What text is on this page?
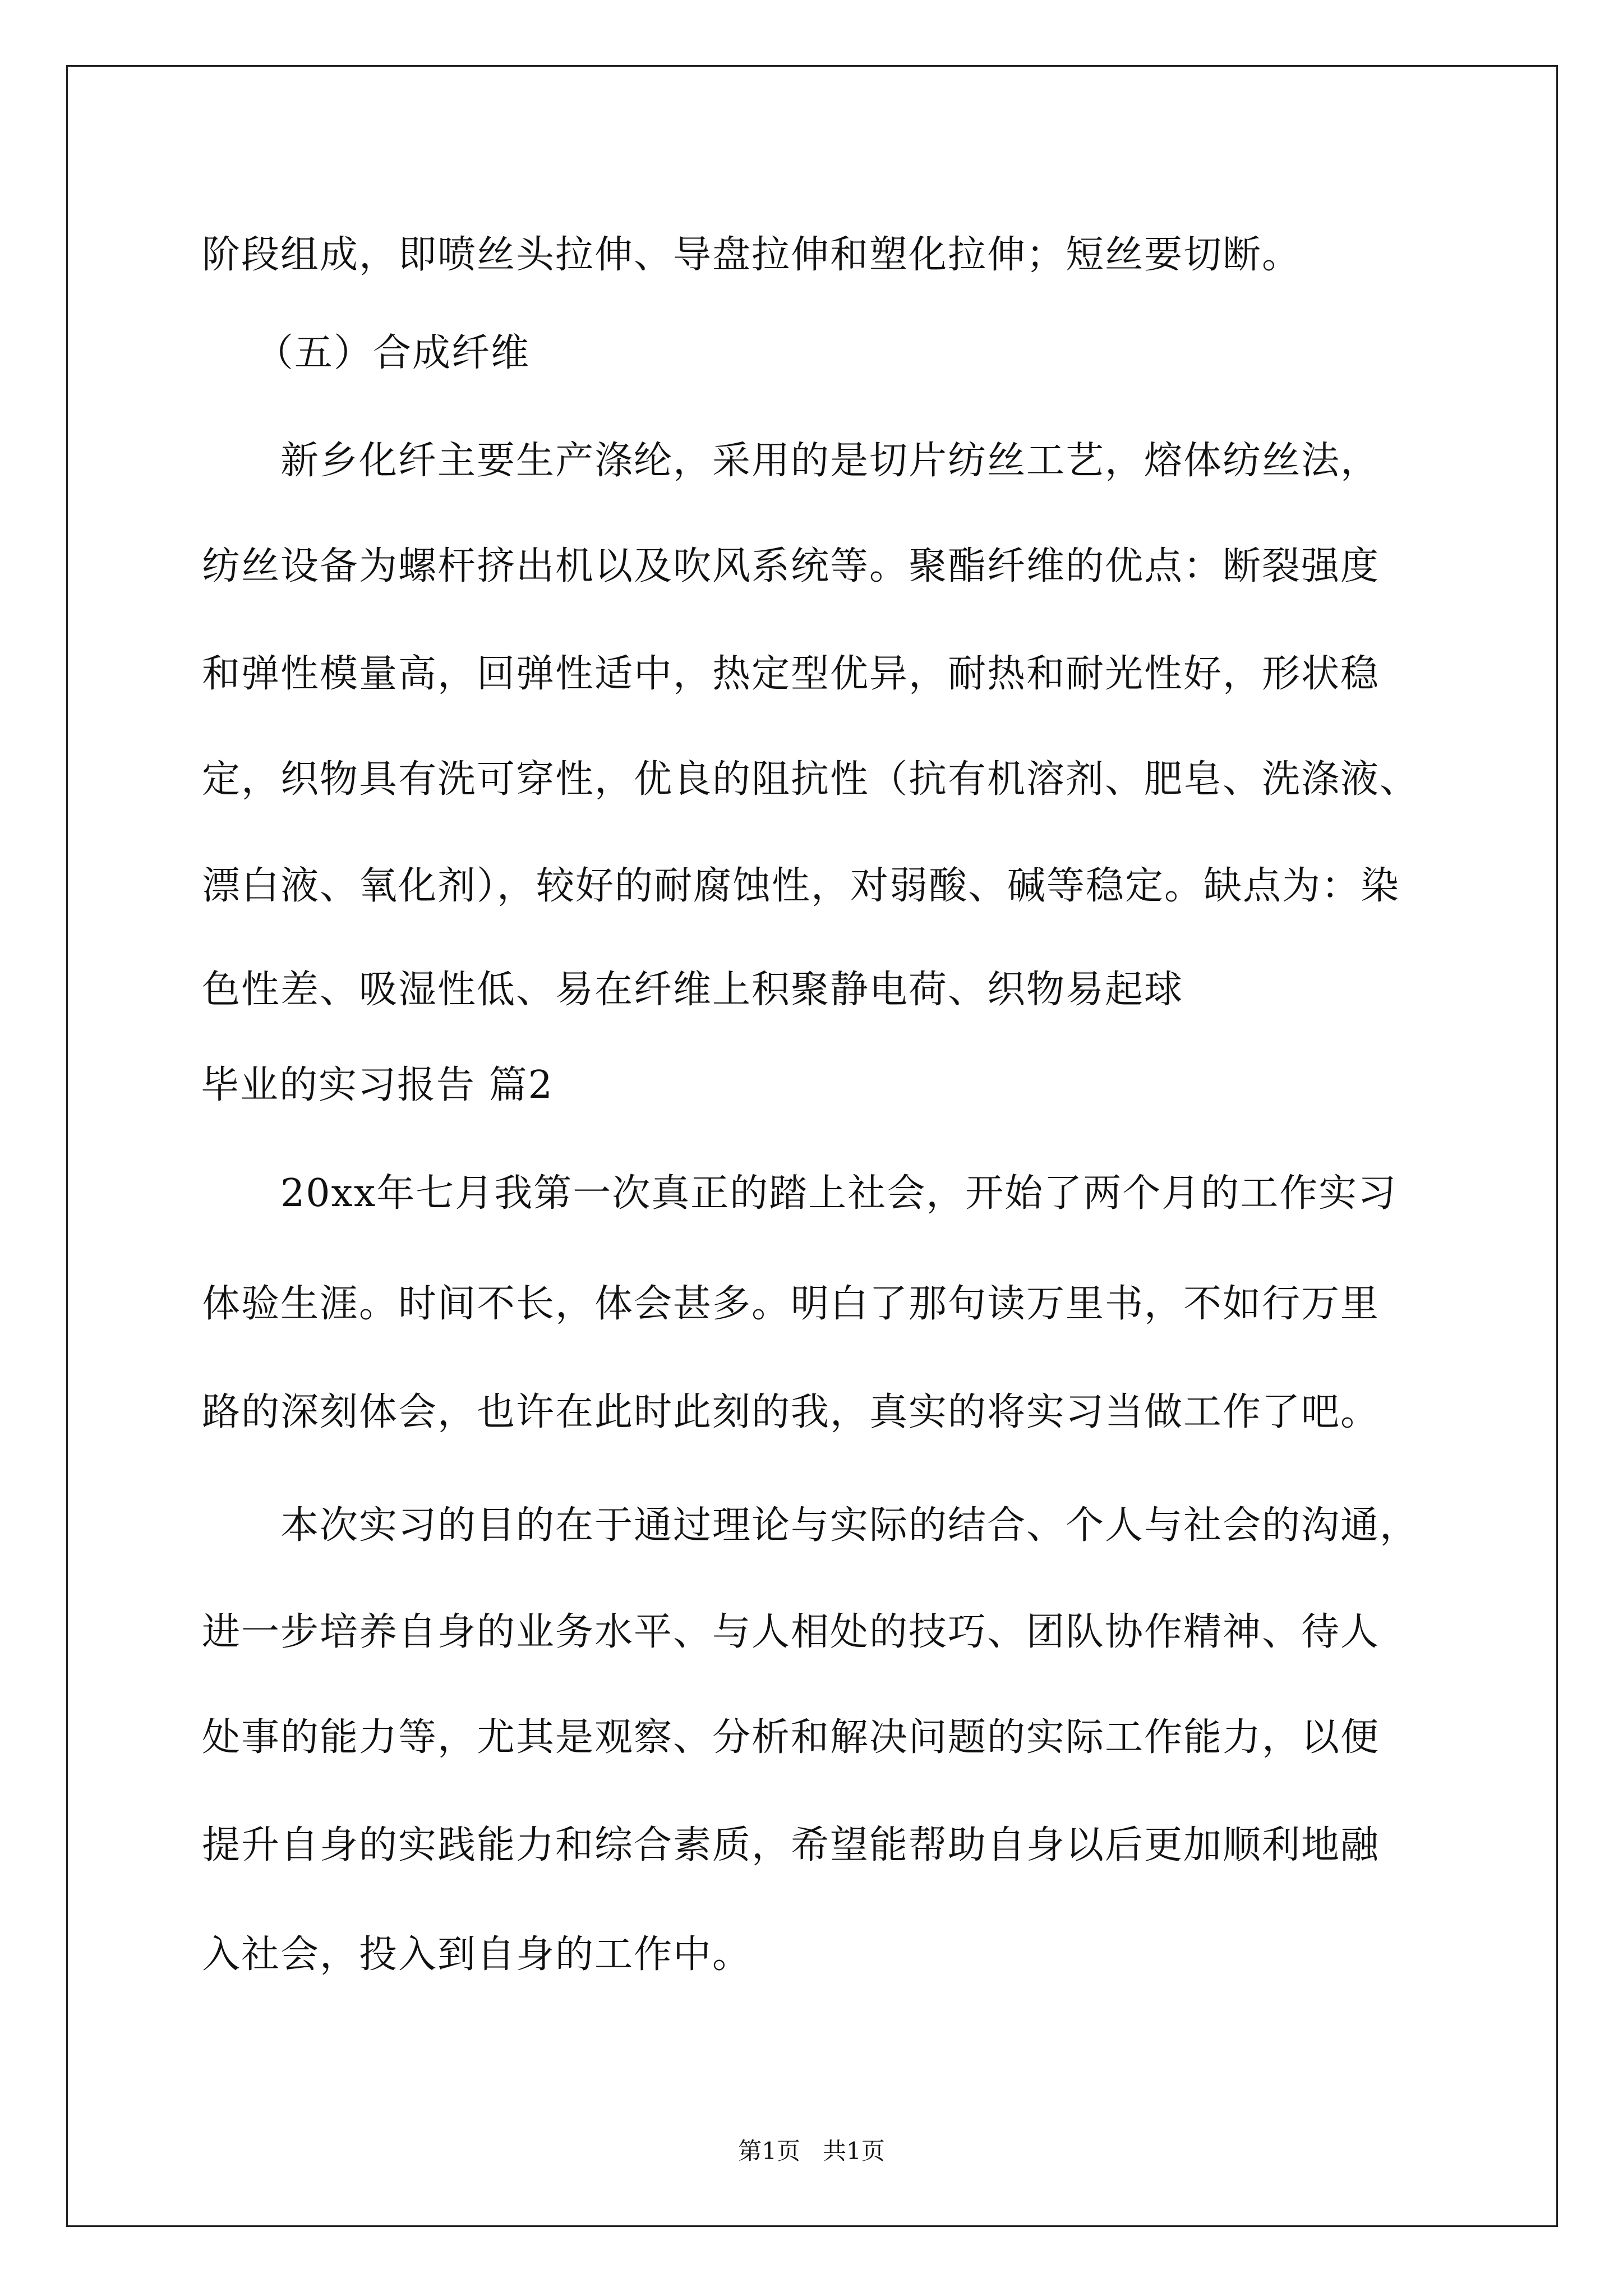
阶段组成，即喷丝头拉伸、导盘拉伸和塑化拉伸；短丝要切断。
（五）合成纤维
新乡化纤主要生产涤纶，采用的是切片纺丝工艺，熔体纺丝法，
纺丝设备为螺杆挤出机以及吹风系统等。聚酯纤维的优点：断裂强度
和弹性模量高，回弹性适中，热定型优异，耐热和耐光性好，形状稳
定，织物具有洗可穿性，优良的阻抗性（抗有机溶剂、肥皂、洗涤液、
漂白液、氧化剂），较好的耐腐蚀性，对弱酸、碱等稳定。缺点为：染
色性差、吸湿性低、易在纤维上积聚静电荷、织物易起球
毕业的实习报告 篇2
20xx年七月我第一次真正的踏上社会，开始了两个月的工作实习
体验生涯。时间不长，体会甚多。明白了那句读万里书，不如行万里
路的深刻体会，也许在此时此刻的我，真实的将实习当做工作了吧。
本次实习的目的在于通过理论与实际的结合、个人与社会的沟通，
进一步培养自身的业务水平、与人相处的技巧、团队协作精神、待人
处事的能力等，尤其是观察、分析和解决问题的实际工作能力，以便
提升自身的实践能力和综合素质，希望能帮助自身以后更加顺利地融
入社会，投入到自身的工作中。
第1页   共1页
